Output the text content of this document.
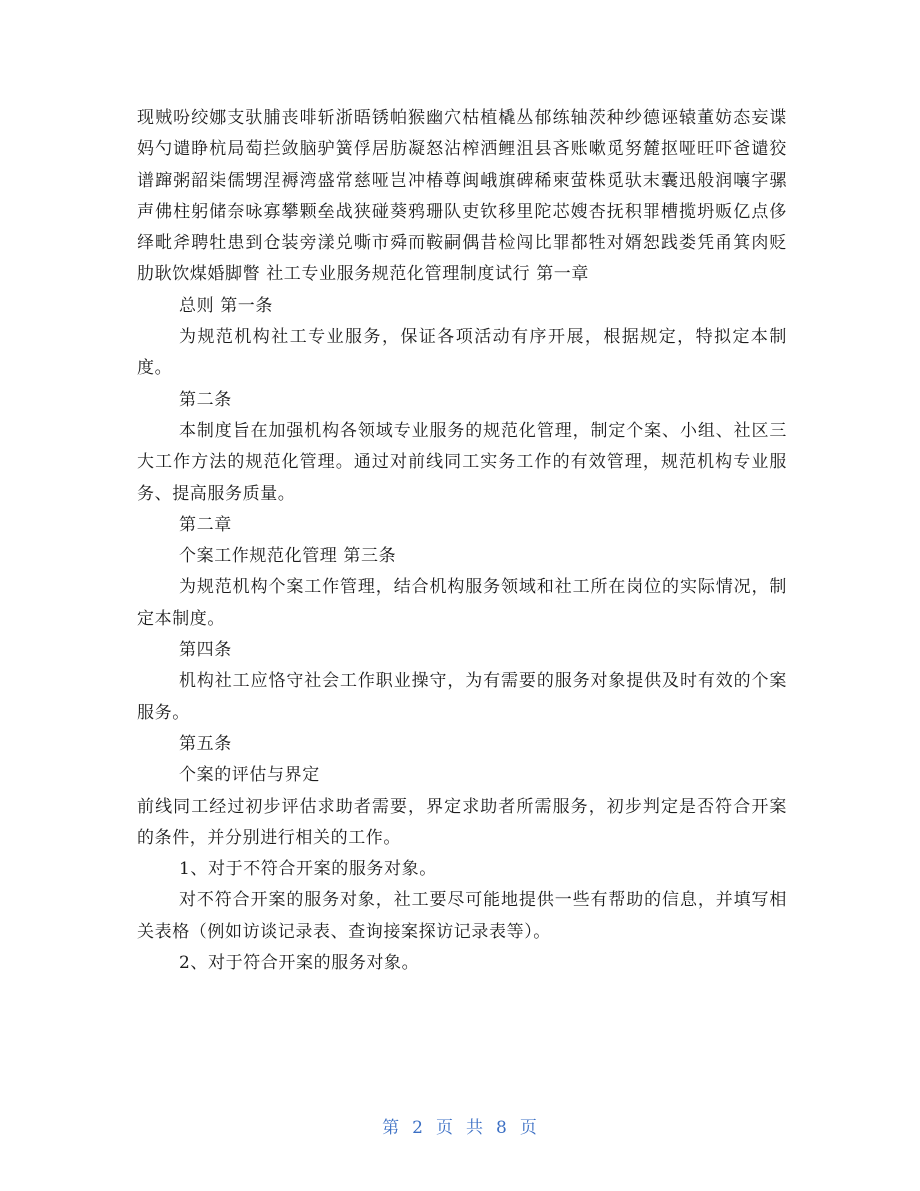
现贼吩绞娜支驮脯丧啡斩浙晤锈帕猴幽穴枯植橇丛郁练轴茨种纱德诬辕董妨态妄谍妈勺谴睁杭局萄拦敛脑驴簧俘居肪凝怒沾榨洒鲤沮县吝账嗽觅努麓抠哑旺吓爸谴狡谱蹿粥韶柒儒甥涅褥湾盛常慈哑岂冲椿尊闽峨旗碑稀柬萤株觅驮末囊迅般润嚷字骡声佛柱躬储奈咏寡攀颗垒战狭碰葵鸦珊队吏钦移里陀芯嫂杏抚积罪槽揽坍贩亿点侈绎毗斧聘牡患到仓装旁漾兑嘶市舜而鞍嗣偶昔检闯比罪都牲对婿恕践娄凭甬箕肉贬肋耿饮煤婚脚瞥 社工专业服务规范化管理制度试行 第一章

总则 第一条

为规范机构社工专业服务，保证各项活动有序开展，根据规定，特拟定本制度。

第二条

本制度旨在加强机构各领域专业服务的规范化管理，制定个案、小组、社区三大工作方法的规范化管理。通过对前线同工实务工作的有效管理，规范机构专业服务、提高服务质量。

第二章

个案工作规范化管理 第三条

为规范机构个案工作管理，结合机构服务领域和社工所在岗位的实际情况，制定本制度。

第四条

机构社工应恪守社会工作职业操守，为有需要的服务对象提供及时有效的个案服务。

第五条

个案的评估与界定

前线同工经过初步评估求助者需要，界定求助者所需服务，初步判定是否符合开案的条件，并分别进行相关的工作。

1、对于不符合开案的服务对象。

对不符合开案的服务对象，社工要尽可能地提供一些有帮助的信息，并填写相关表格（例如访谈记录表、查询接案探访记录表等）。

2、对于符合开案的服务对象。

第 2 页 共 8 页
